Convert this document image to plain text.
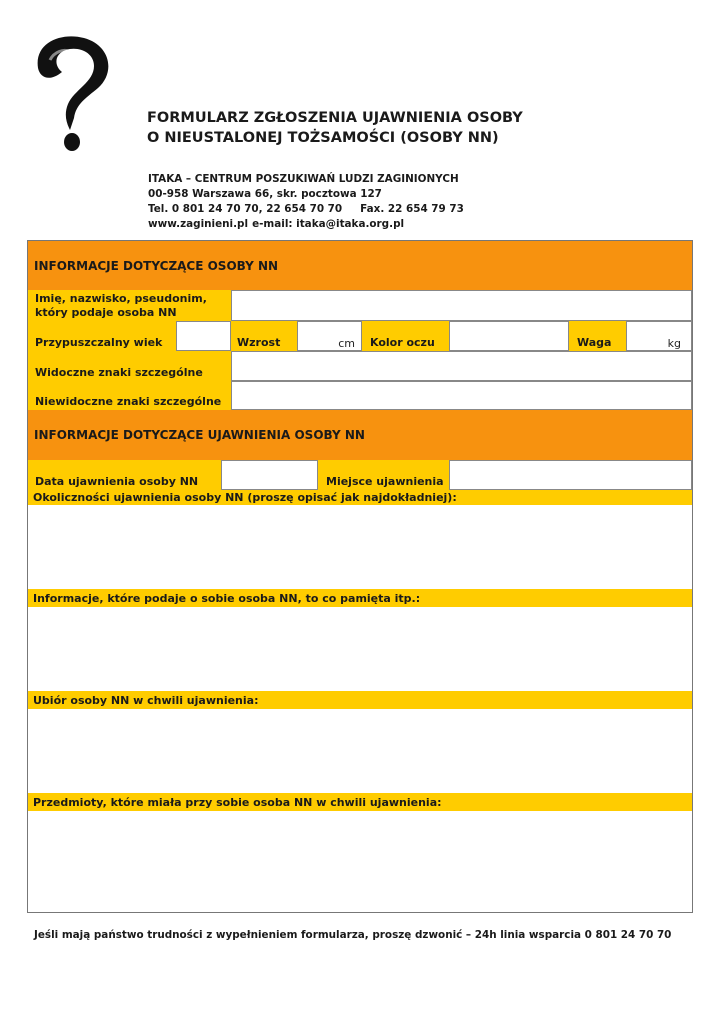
FORMULARZ ZGŁOSZENIA UJAWNIENIA OSOBY
O NIEUSTALONEJ TOŻSAMOŚCI (OSOBY NN)
ITAKA – CENTRUM POSZUKIWAŃ LUDZI ZAGINIONYCH
00-958 Warszawa 66, skr. pocztowa 127
Tel. 0 801 24 70 70, 22 654 70 70 Fax. 22 654 79 73
www.zaginieni.pl e-mail: itaka@itaka.org.pl
INFORMACJE DOTYCZĄCE OSOBY NN
Imię, nazwisko, pseudonim,
który podaje osoba NN
Przypuszczalny wiek	Wzrost	cm Kolor oczu	Waga	kg
Widoczne znaki szczególne
Niewidoczne znaki szczególne
INFORMACJE DOTYCZĄCE UJAWNIENIA OSOBY NN
Data ujawnienia osoby NN	Miejsce ujawnienia
Okoliczności ujawnienia osoby NN (proszę opisać jak najdokładniej):
Informacje, które podaje o sobie osoba NN, to co pamięta itp.:
Ubiór osoby NN w chwili ujawnienia:
Przedmioty, które miała przy sobie osoba NN w chwili ujawnienia:
Jeśli mają państwo trudności z wypełnieniem formularza, proszę dzwonić – 24h linia wsparcia 0 801 24 70 70
